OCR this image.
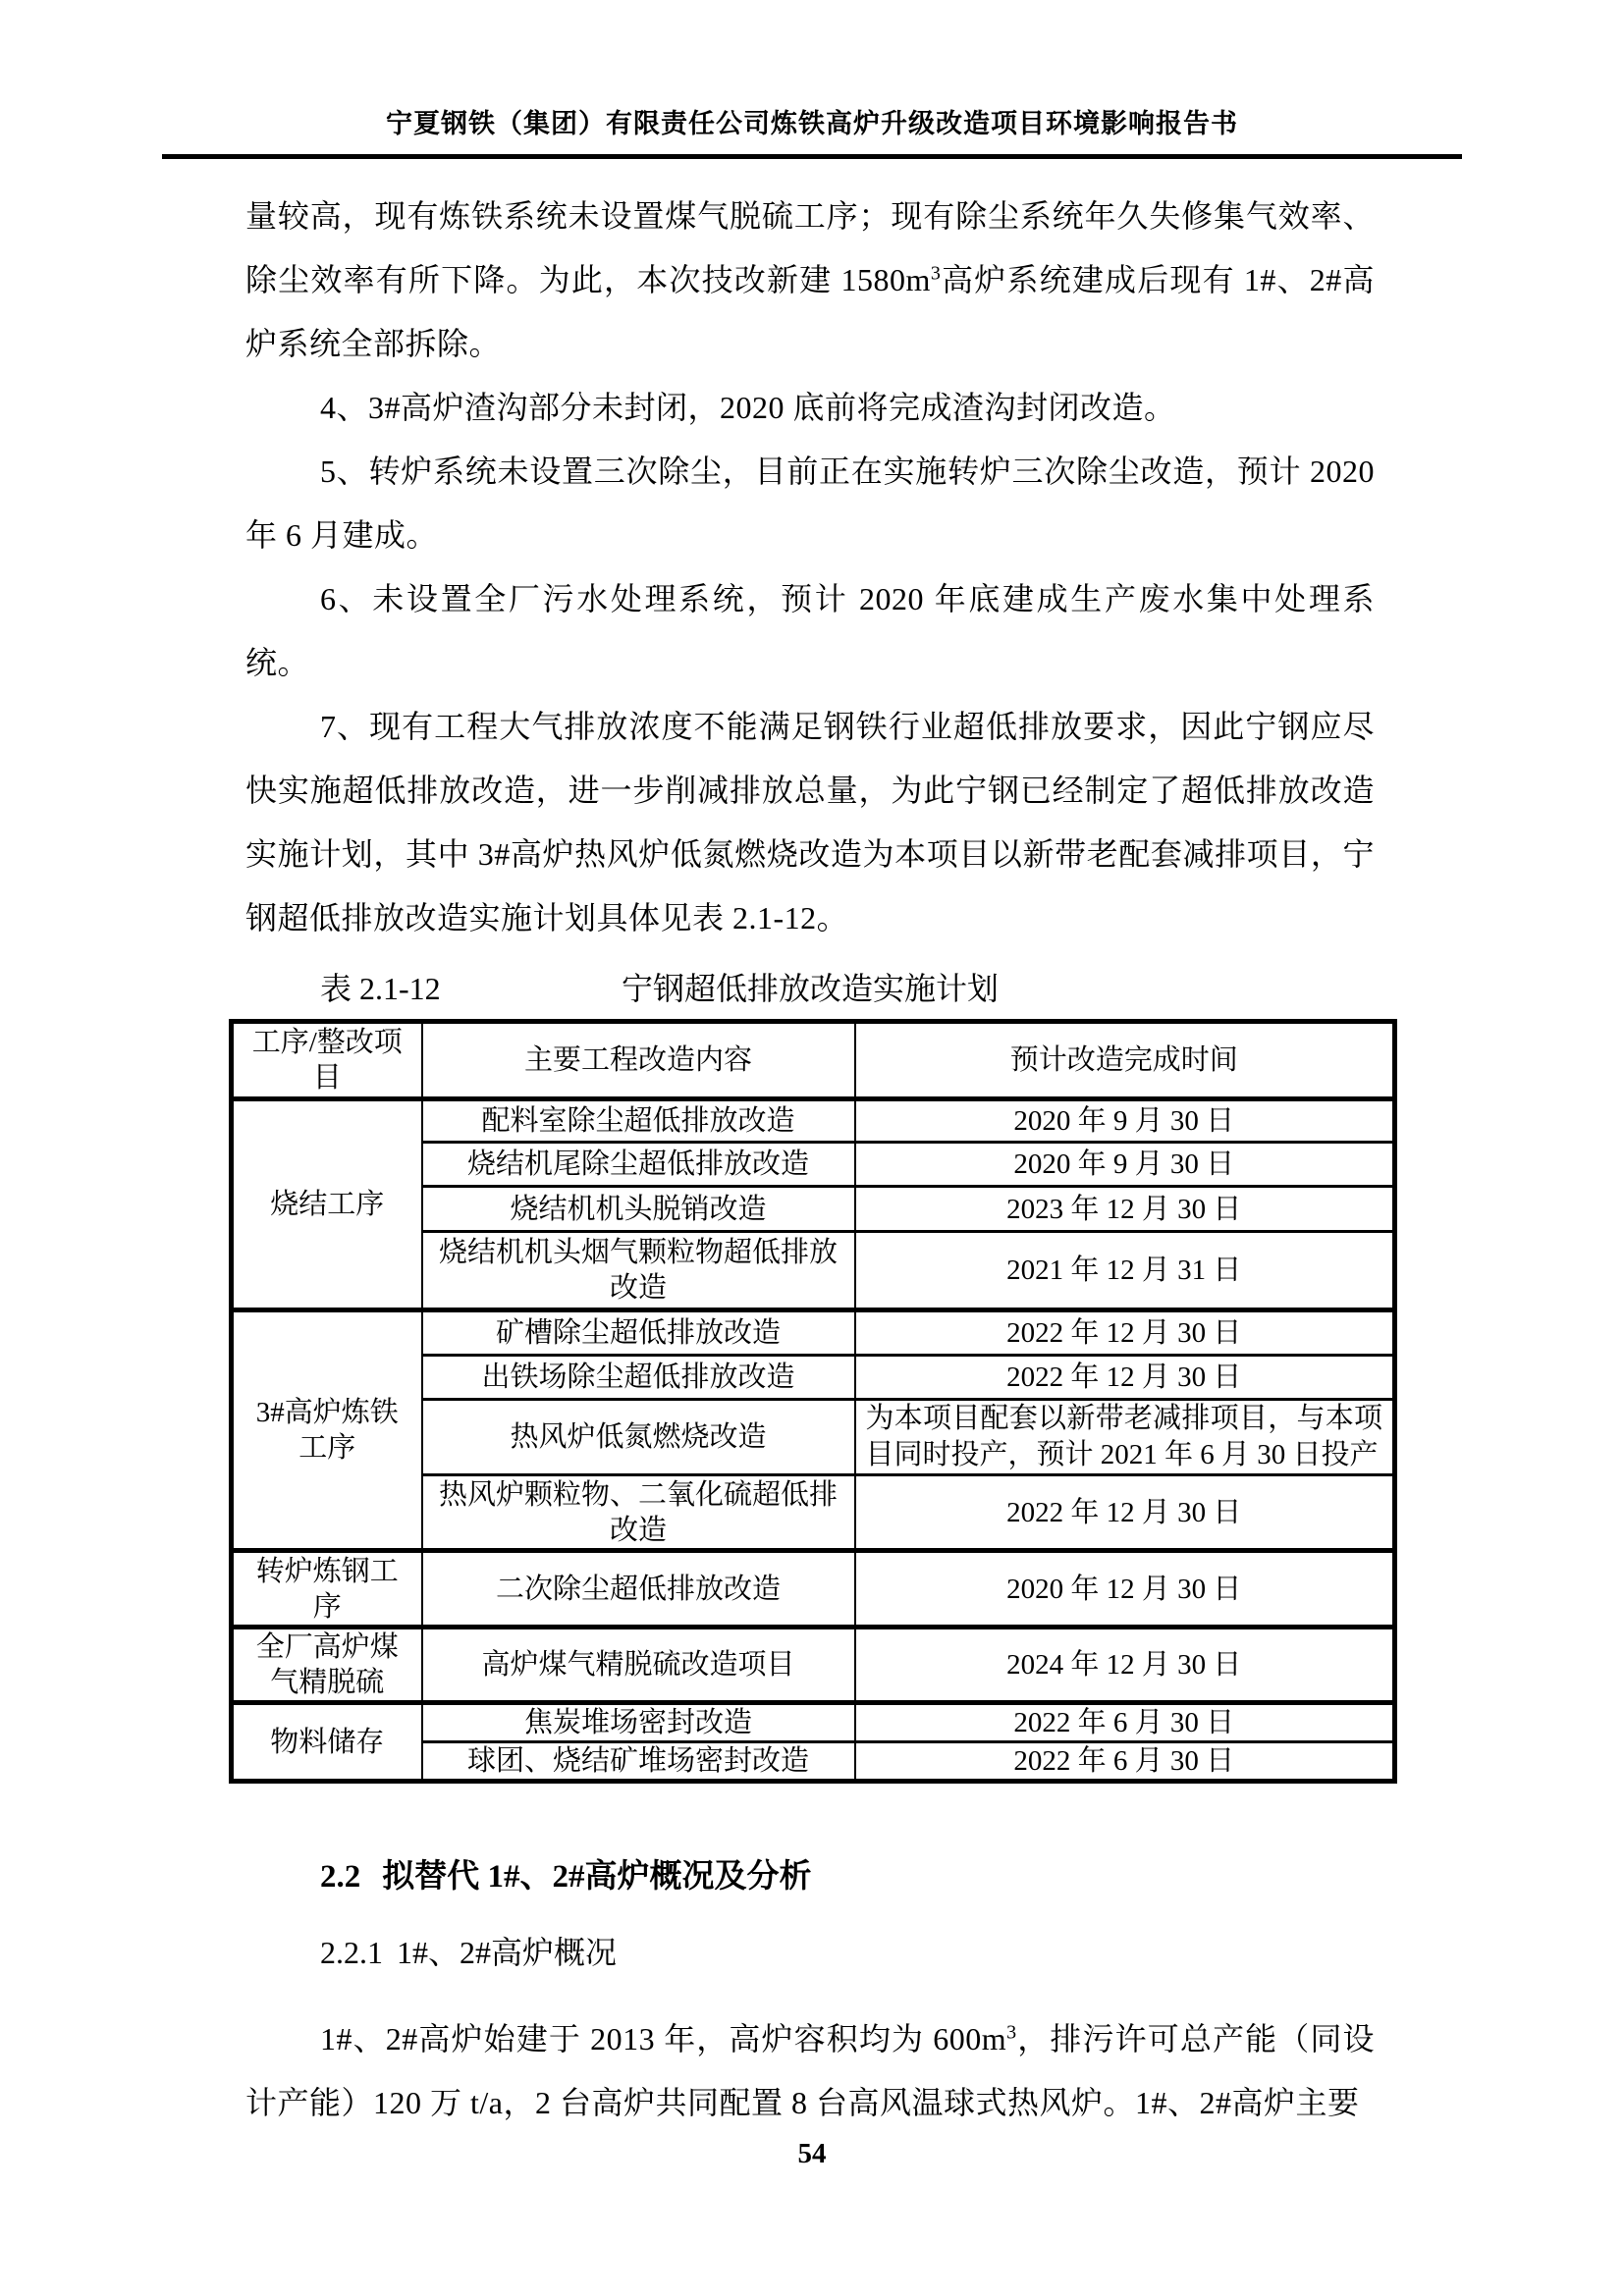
宁夏钢铁（集团）有限责任公司炼铁高炉升级改造项目环境影响报告书

量较高，现有炼铁系统未设置煤气脱硫工序；现有除尘系统年久失修集气效率、除尘效率有所下降。为此，本次技改新建 $1580m^3$高炉系统建成后现有 1#、2#高炉系统全部拆除。

4、3#高炉渣沟部分未封闭，2020 底前将完成渣沟封闭改造。

5、转炉系统未设置三次除尘，目前正在实施转炉三次除尘改造，预计 2020 年 6 月建成。

6、未设置全厂污水处理系统，预计 2020 年底建成生产废水集中处理系统。

7、现有工程大气排放浓度不能满足钢铁行业超低排放要求，因此宁钢应尽快实施超低排放改造，进一步削减排放总量，为此宁钢已经制定了超低排放改造实施计划，其中 3#高炉热风炉低氮燃烧改造为本项目以新带老配套减排项目，宁钢超低排放改造实施计划具体见表 2.1-12。

表 2.1-12	宁钢超低排放改造实施计划
工序/整改项目	主要工程改造内容	预计改造完成时间
烧结工序	配料室除尘超低排放改造	2020 年 9 月 30 日
	烧结机尾除尘超低排放改造	2020 年 9 月 30 日
	烧结机机头脱销改造	2023 年 12 月 30 日
	烧结机机头烟气颗粒物超低排放改造	2021 年 12 月 31 日
3#高炉炼铁工序	矿槽除尘超低排放改造	2022 年 12 月 30 日
	出铁场除尘超低排放改造	2022 年 12 月 30 日
	热风炉低氮燃烧改造	为本项目配套以新带老减排项目，与本项目同时投产，预计 2021 年 6 月 30 日投产
	热风炉颗粒物、二氧化硫超低排改造	2022 年 12 月 30 日
转炉炼钢工序	二次除尘超低排放改造	2020 年 12 月 30 日
全厂高炉煤气精脱硫	高炉煤气精脱硫改造项目	2024 年 12 月 30 日
物料储存	焦炭堆场密封改造	2022 年 6 月 30 日
	球团、烧结矿堆场密封改造	2022 年 6 月 30 日
2.2 拟替代 1#、2#高炉概况及分析
2.2.1 1#、2#高炉概况

1#、2#高炉始建于 2013 年，高炉容积均为 $600m^3$，排污许可总产能（同设计产能）120 万 t/a，2 台高炉共同配置 8 台高风温球式热风炉。1#、2#高炉主要

54
